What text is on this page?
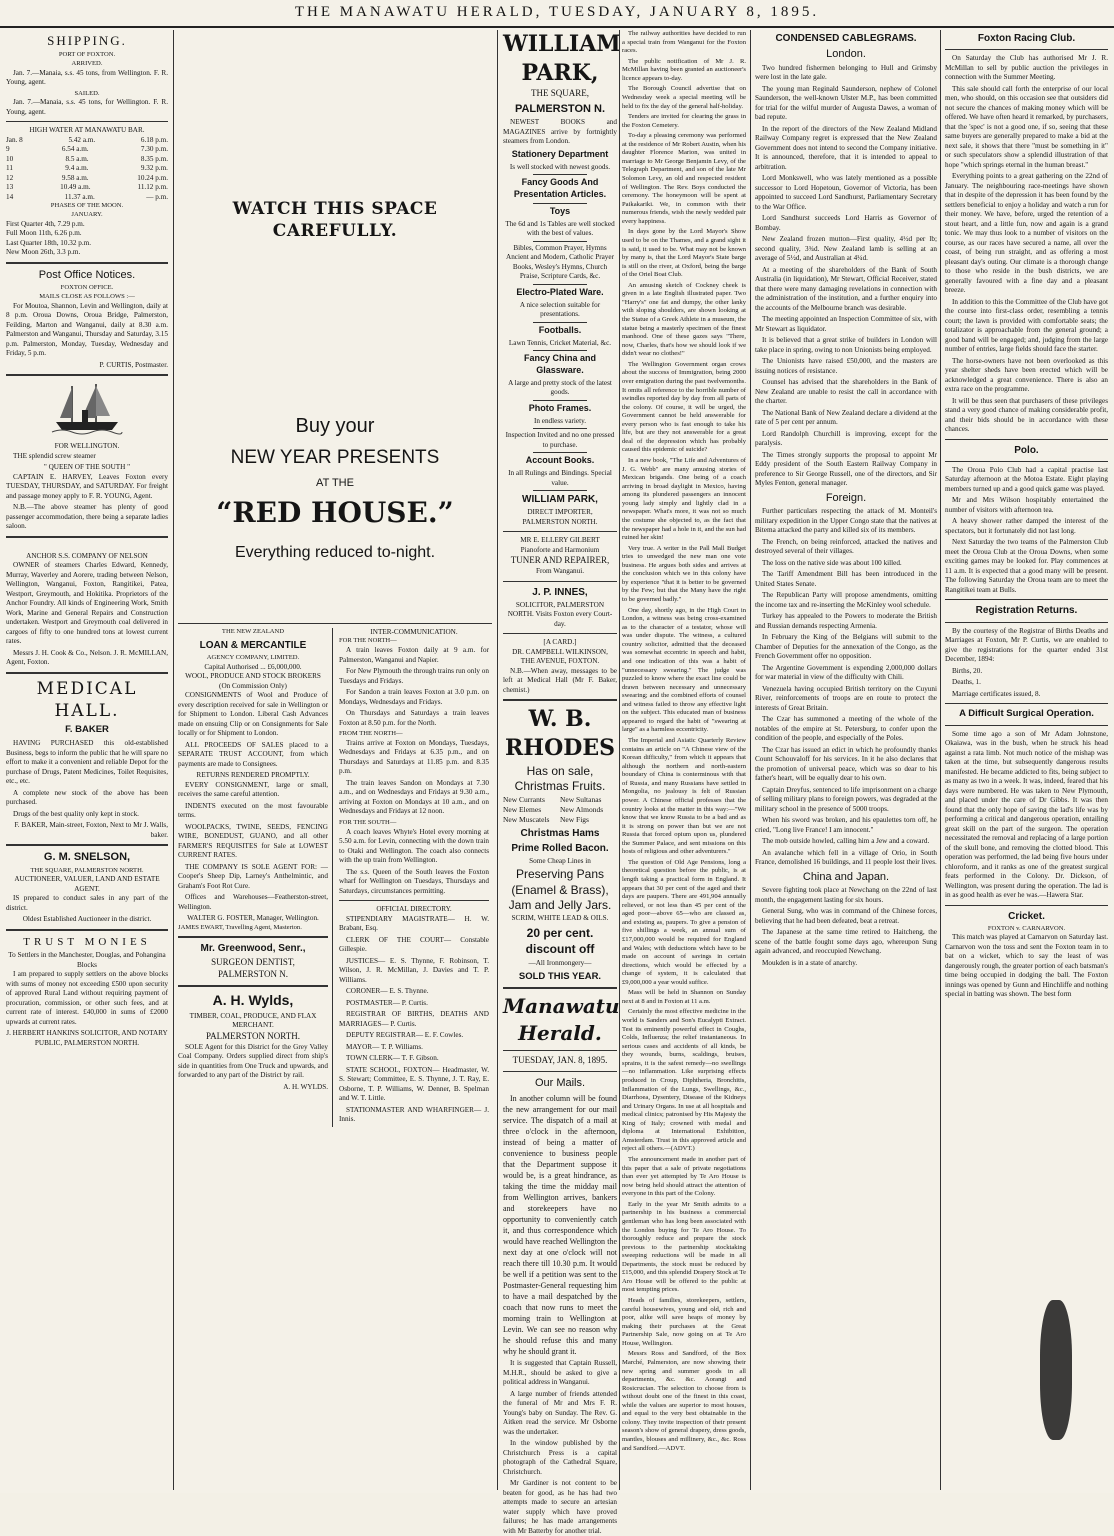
THE MANAWATU HERALD, TUESDAY, JANUARY 8, 1895.
SHIPPING.
PORT OF FOXTON.
ARRIVED.

Jan. 7.—Manaia, s.s. 45 tons, from Wellington. F. R. Young, agent.

SAILED.

Jan. 7.—Manaia, s.s. 45 tons, for Wellington. F. R. Young, agent.

HIGH WATER AT MANAWATU BAR.
Jan. 8	5.42 a.m.	6.18 p.m.
9	6.54 a.m.	7.30 p.m.
10	8.5 a.m.	8.35 p.m.
11	9.4 a.m.	9.32 p.m.
12	9.58 a.m.	10.24 p.m.
13	10.49 a.m.	11.12 p.m.
14	11.37 a.m.	— p.m.
PHASES OF THE MOON.
JANUARY.
First Quarter 4th, 7.29 p.m.
Full Moon 11th, 6.26 p.m.
Last Quarter 18th, 10.32 p.m.
New Moon 26th, 3.3 p.m.
Post Office Notices.
FOXTON OFFICE.
MAILS CLOSE AS FOLLOWS :—

For Moutoa, Shannon, Levin and Wellington, daily at 8 p.m. Oroua Downs, Oroua Bridge, Palmerston, Feilding, Marton and Wanganui, daily at 8.30 a.m. Palmerston and Wanganui, Thursday and Saturday, 3.15 p.m. Palmerston, Monday, Tuesday, Wednesday and Friday, 5 p.m.

P. CURTIS, Postmaster.
FOR WELLINGTON.

THE splendid screw steamer

" QUEEN OF THE SOUTH "

CAPTAIN E. HARVEY, Leaves Foxton every TUESDAY, THURSDAY, and SATURDAY. For freight and passage money apply to F. R. YOUNG, Agent.

N.B.—The above steamer has plenty of good passenger accommodation, there being a separate ladies saloon.

ANCHOR S.S. COMPANY OF NELSON

OWNER of steamers Charles Edward, Kennedy, Murray, Waverley and Aorere, trading between Nelson, Wellington, Wanganui, Foxton, Rangitikei, Patea, Westport, Greymouth, and Hokitika. Proprietors of the Anchor Foundry. All kinds of Engineering Work, Smith Work, Marine and General Repairs and Construction undertaken. Westport and Greymouth coal delivered in cargoes of fifty to one hundred tons at lowest current rates.

Messrs J. H. Cook & Co., Nelson. J. R. McMILLAN, Agent, Foxton.

MEDICAL HALL.
F. BAKER

HAVING PURCHASED this old-established Business, begs to inform the public that he will spare no effort to make it a convenient and reliable Depot for the purchase of Drugs, Patent Medicines, Toilet Requisites, etc., etc.

A complete new stock of the above has been purchased.

Drugs of the best quality only kept in stock.

F. BAKER, Main-street, Foxton, Next to Mr J. Walls, baker.
G. M. SNELSON,
THE SQUARE, PALMERSTON NORTH.
AUCTIONEER, VALUER, LAND AND ESTATE AGENT.

IS prepared to conduct sales in any part of the district.

Oldest Established Auctioneer in the district.
TRUST MONIES
To Settlers in the Manchester, Douglas, and Pohangina Blocks

I am prepared to supply settlers on the above blocks with sums of money not exceeding £500 upon security of approved Rural Land without requiring payment of procuration, commission, or other such fees, and at current rate of interest. £40,000 in sums of £2000 upwards at current rates.

J. HERBERT HANKINS SOLICITOR, AND NOTARY PUBLIC, PALMERSTON NORTH.
WATCH THIS SPACE CAREFULLY.
Buy your
NEW YEAR PRESENTS
AT THE
“RED HOUSE.”
Everything reduced to-night.
THE NEW ZEALAND
LOAN & MERCANTILE
AGENCY COMPANY, LIMITED.
Capital Authorised ... £6,000,000.
WOOL, PRODUCE AND STOCK BROKERS
(On Commission Only)

CONSIGNMENTS of Wool and Produce of every description received for sale in Wellington or for Shipment to London. Liberal Cash Advances made on ensuing Clip or on Consignments for Sale locally or for Shipment to London.

ALL PROCEEDS OF SALES placed to a SEPARATE TRUST ACCOUNT, from which payments are made to Consignees.

RETURNS RENDERED PROMPTLY.

EVERY CONSIGNMENT, large or small, receives the same careful attention.

INDENTS executed on the most favourable terms.

WOOLPACKS, TWINE, SEEDS, FENCING WIRE, BONEDUST, GUANO, and all other FARMER'S REQUISITES for Sale at LOWEST CURRENT RATES.

THE COMPANY IS SOLE AGENT FOR: —Cooper's Sheep Dip, Larney's Anthelmintic, and Graham's Foot Rot Cure.

Offices and Warehouses—Featherston-street, Wellington.

WALTER G. FOSTER, Manager, Wellington.
JAMES EWART, Travelling Agent, Masterton.
Mr. Greenwood, Senr.,
SURGEON DENTIST,
PALMERSTON N.
A. H. Wylds,
TIMBER, COAL, PRODUCE, AND FLAX MERCHANT.
PALMERSTON NORTH.

SOLE Agent for this District for the Grey Valley Coal Company. Orders supplied direct from ship's side in quantities from One Truck and upwards, and forwarded to any part of the District by rail.

A. H. WYLDS.
INTER-COMMUNICATION.
FOR THE NORTH—

A train leaves Foxton daily at 9 a.m. for Palmerston, Wanganui and Napier.

For New Plymouth the through trains run only on Tuesdays and Fridays.

For Sandon a train leaves Foxton at 3.0 p.m. on Mondays, Wednesdays and Fridays.

On Thursdays and Saturdays a train leaves Foxton at 8.50 p.m. for the North.

FROM THE NORTH—

Trains arrive at Foxton on Mondays, Tuesdays, Wednesdays and Fridays at 6.35 p.m., and on Thursdays and Saturdays at 11.85 p.m. and 8.35 p.m.

The train leaves Sandon on Mondays at 7.30 a.m., and on Wednesdays and Fridays at 9.30 a.m., arriving at Foxton on Mondays at 10 a.m., and on Wednesdays and Fridays at 12 noon.

FOR THE SOUTH—

A coach leaves Whyte's Hotel every morning at 5.50 a.m. for Levin, connecting with the down train to Otaki and Wellington. The coach also connects with the up train from Wellington.

The s.s. Queen of the South leaves the Foxton wharf for Wellington on Tuesdays, Thursdays and Saturdays, circumstances permitting.

OFFICIAL DIRECTORY.

STIPENDIARY MAGISTRATE— H. W. Brabant, Esq.

CLERK OF THE COURT— Constable Gillespie.

JUSTICES— E. S. Thynne, F. Robinson, T. Wilson, J. R. McMillan, J. Davies and T. P. Williams.

CORONER— E. S. Thynne.

POSTMASTER— P. Curtis.

REGISTRAR OF BIRTHS, DEATHS AND MARRIAGES— P. Curtis.

DEPUTY REGISTRAR— E. F. Cowles.

MAYOR— T. P. Williams.

TOWN CLERK— T. F. Gibson.

STATE SCHOOL, FOXTON— Headmaster, W. S. Stewart; Committee, E. S. Thynne, J. T. Ray, E. Osborne, T. P. Williams, W. Denner, B. Spelman and W. T. Little.

STATIONMASTER AND WHARFINGER— J. Innis.

WILLIAM PARK,
THE SQUARE,
PALMERSTON N.

NEWEST BOOKS and MAGAZINES arrive by fortnightly steamers from London.

Stationery Department
Is well stocked with newest goods.
Fancy Goods And Presentation Articles.
Toys
The 6d and 1s Tables are well stocked with the best of values.
Bibles, Common Prayer, Hymns Ancient and Modern, Catholic Prayer Books, Wesley's Hymns, Church Praise, Scripture Cards, &c.
Electro-Plated Ware.
A nice selection suitable for presentations.
Footballs.
Lawn Tennis, Cricket Material, &c.
Fancy China and Glassware.
A large and pretty stock of the latest goods.
Photo Frames.
In endless variety.
Inspection Invited and no one pressed to purchase.
Account Books.
In all Rulings and Bindings. Special value.
WILLIAM PARK,
DIRECT IMPORTER, PALMERSTON NORTH.
MR E. ELLERY GILBERT
Pianoforte and Harmonium
TUNER AND REPAIRER,
From Wanganui.
J. P. INNES,
SOLICITOR, PALMERSTON NORTH. Visits Foxton every Court-day.
[A CARD.]
DR. CAMPBELL WILKINSON,
THE AVENUE, FOXTON.

N.B.—When away, messages to be left at Medical Hall (Mr F. Baker, chemist.)

W. B. RHODES
Has on sale, Christmas Fruits.
New Currants	New Sultanas
New Elemes	New Almonds
New Muscatels	New Figs
Christmas Hams
Prime Rolled Bacon.
Some Cheap Lines in
Preserving Pans (Enamel & Brass), Jam and Jelly Jars.
SCRIM, WHITE LEAD & OILS.
20 per cent. discount off
—All Ironmongery—
SOLD THIS YEAR.
Manawatu Herald.
TUESDAY, JAN. 8, 1895.
Our Mails.

In another column will be found the new arrangement for our mail service. The dispatch of a mail at three o'clock in the afternoon, instead of being a matter of convenience to business people that the Department suppose it would be, is a great hindrance, as taking the time the midday mail from Wellington arrives, bankers and storekeepers have no opportunity to conveniently catch it, and thus correspondence which would have reached Wellington the next day at one o'clock will not reach there till 10.30 p.m. It would be well if a petition was sent to the Postmaster-General requesting him to have a mail despatched by the coach that now runs to meet the morning train to Wellington at Levin. We can see no reason why he should refuse this and many why he should grant it.

It is suggested that Captain Russell, M.H.R., should be asked to give a political address in Wanganui.

A large number of friends attended the funeral of Mr and Mrs F. R. Young's baby on Sunday. The Rev. G. Aitken read the service. Mr Osborne was the undertaker.

In the window published by the Christchurch Press is a capital photograph of the Cathedral Square, Christchurch.

Mr Gardiner is not content to be beaten for good, as he has had two attempts made to secure an artesian water supply which have proved failures; he has made arrangements with Mr Batterby for another trial.

CONDENSED CABLEGRAMS.
London.

Two hundred fishermen belonging to Hull and Grimsby were lost in the late gale.

The young man Reginald Saunderson, nephew of Colonel Saunderson, the well-known Ulster M.P., has been committed for trial for the wilful murder of Augusta Dawes, a woman of bad repute.

In the report of the directors of the New Zealand Midland Railway Company regret is expressed that the New Zealand Government does not intend to second the Company initiative. It is announced, therefore, that it is intended to appeal to arbitration.

Lord Monkswell, who was lately mentioned as a possible successor to Lord Hopetoun, Governor of Victoria, has been appointed to succeed Lord Sandhurst, Parliamentary Secretary to the War Office.

Lord Sandhurst succeeds Lord Harris as Governor of Bombay.

New Zealand frozen mutton—First quality, 4½d per lb; second quality, 3¾d. New Zealand lamb is selling at an average of 5½d, and Australian at 4¼d.

At a meeting of the shareholders of the Bank of South Australia (in liquidation), Mr Stewart, Official Receiver, stated that there were many damaging revelations in connection with the administration of the institution, and a further enquiry into the accounts of the Melbourne branch was desirable.

The meeting appointed an Inspection Committee of six, with Mr Stewart as liquidator.

It is believed that a great strike of builders in London will take place in spring, owing to non Unionists being employed.

The Unionists have raised £50,000, and the masters are issuing notices of resistance.

Counsel has advised that the shareholders in the Bank of New Zealand are unable to resist the call in accordance with the charter.

The National Bank of New Zealand declare a dividend at the rate of 5 per cent per annum.

Lord Randolph Churchill is improving, except for the paralysis.

The Times strongly supports the proposal to appoint Mr Eddy president of the South Eastern Railway Company in preference to Sir George Russell, one of the directors, and Sir Myles Fenton, general manager.

Foreign.

Further particulars respecting the attack of M. Monteil's military expedition in the Upper Congo state that the natives at Bitema attacked the party and killed six of its members.

The French, on being reinforced, attacked the natives and destroyed several of their villages.

The loss on the native side was about 100 killed.

The Tariff Amendment Bill has been introduced in the United States Senate.

The Republican Party will propose amendments, omitting the income tax and re-inserting the McKinley wool schedule.

Turkey has appealed to the Powers to moderate the British and Russian demands respecting Armenia.

In February the King of the Belgians will submit to the Chamber of Deputies for the annexation of the Congo, as the French Government offer no opposition.

The Argentine Government is expending 2,000,000 dollars for war material in view of the difficulty with Chili.

Venezuela having occupied British territory on the Cuyuni River, reinforcements of troops are en route to protect the interests of Great Britain.

The Czar has summoned a meeting of the whole of the notables of the empire at St. Petersburg, to confer upon the condition of the people, and especially of the Poles.

The Czar has issued an edict in which he profoundly thanks Count Schouvaloff for his services. In it he also declares that the promotion of universal peace, which was so dear to his father's heart, will be equally dear to his own.

Captain Dreyfus, sentenced to life imprisonment on a charge of selling military plans to foreign powers, was degraded at the military school in the presence of 5000 troops.

When his sword was broken, and his epaulettes torn off, he cried, "Long live France! I am innocent."

The mob outside howled, calling him a Jew and a coward.

An avalanche which fell in a village of Orio, in South France, demolished 16 buildings, and 11 people lost their lives.

China and Japan.

Severe fighting took place at Newchang on the 22nd of last month, the engagement lasting for six hours.

General Sung, who was in command of the Chinese forces, believing that he had been defeated, beat a retreat.

The Japanese at the same time retired to Haitcheng, the scene of the battle fought some days ago, whereupon Sung again advanced, and reoccupied Newchang.

Moukden is in a state of anarchy.

Foxton Racing Club.

On Saturday the Club has authorised Mr J. R. McMillan to sell by public auction the privileges in connection with the Summer Meeting.

This sale should call forth the enterprise of our local men, who should, on this occasion see that outsiders did not secure the chances of making money which will be offered. We have often heard it remarked, by purchasers, that the 'spec' is not a good one, if so, seeing that these same buyers are generally prepared to make a bid at the next sale, it shows that there "must be something in it" or such speculators show a splendid illustration of that hope "which springs eternal in the human breast."

Everything points to a great gathering on the 22nd of January. The neighbouring race-meetings have shown that in despite of the depression it has been found by the settlers beneficial to enjoy a holiday and watch a run for their money. We have, before, urged the retention of a stout heart, and a little fun, now and again is a grand tonic. We may thus look to a number of visitors on the course, as our races have secured a name, all over the coast, of being run straight, and as offering a most pleasant day's outing. Our climate is a thorough change to those who reside in the bush districts, we are generally favoured with a fine day and a pleasant breeze.

In addition to this the Committee of the Club have got the course into first-class order, resembling a tennis court; the lawn is provided with comfortable seats; the totalizator is approachable from the general ground; a good band will be engaged; and, judging from the large number of entries, large fields should face the starter.

The horse-owners have not been overlooked as this year shelter sheds have been erected which will be acknowledged a great convenience. There is also an extra race on the programme.

It will be thus seen that purchasers of these privileges stand a very good chance of making considerable profit, and their bids should be in accordance with these chances.

Polo.

The Oroua Polo Club had a capital practise last Saturday afternoon at the Motoa Estate. Eight playing members turned up and a good quick game was played.

Mr and Mrs Wilson hospitably entertained the number of visitors with afternoon tea.

A heavy shower rather damped the interest of the spectators, but it fortunately did not last long.

Next Saturday the two teams of the Palmerston Club meet the Oroua Club at the Oroua Downs, when some exciting games may be looked for. Play commences at 11 a.m. It is expected that a good many will be present. The following Saturday the Oroua team are to meet the Rangitikei team at Bulls.

Registration Returns.

By the courtesy of the Registrar of Births Deaths and Marriages at Foxton, Mr P. Curtis, we are enabled to give the registrations for the quarter ended 31st December, 1894:

Births, 20.

Deaths, 1.

Marriage certificates issued, 8.

A Difficult Surgical Operation.

Some time ago a son of Mr Adam Johnstone, Okaiawa, was in the bush, when he struck his head against a rata limb. Not much notice of the mishap was taken at the time, but subsequently dangerous results manifested. He became addicted to fits, being subject to as many as two in a week. It was, indeed, feared that his days were numbered. He was taken to New Plymouth, and placed under the care of Dr Gibbs. It was then found that the only hope of saving the lad's life was by performing a critical and dangerous operation, entailing great skill on the part of the surgeon. The operation necessitated the removal and replacing of a large portion of the skull bone, and removing the clotted blood. This operation was performed, the lad being five hours under chloroform, and it ranks as one of the greatest surgical feats performed in the Colony. Dr. Dickson, of Wellington, was present during the operation. The lad is in as good health as ever he was.—Hawera Star.

Cricket.
FOXTON v. CARNARVON.

This match was played at Carnarvon on Saturday last. Carnarvon won the toss and sent the Foxton team in to bat on a wicket, which to say the least of was dangerously rough, the greater portion of each batsman's time being occupied in dodging the ball. The Foxton innings was opened by Gunn and Hinchliffe and nothing special in batting was shown. The best form

The railway authorities have decided to run a special train from Wanganui for the Foxton races.

The public notification of Mr J. R. McMillan having been granted an auctioneer's licence appears to-day.

The Borough Council advertise that on Wednesday week a special meeting will be held to fix the day of the general half-holiday.

Tenders are invited for clearing the grass in the Foxton Cemetery.

To-day a pleasing ceremony was performed at the residence of Mr Robert Austin, when his daughter Florence Marion, was united in marriage to Mr George Benjamin Levy, of the Telegraph Department, and son of the late Mr Solomon Levy, an old and respected resident of Wellington. The Rev. Boys conducted the ceremony. The honeymoon will be spent at Paikakariki. We, in common with their numerous friends, wish the newly wedded pair every happiness.

In days gone by the Lord Mayor's Show used to be on the Thames, and a grand sight it is said, it used to be. What may not be known by many is, that the Lord Mayor's State barge is still on the river, at Oxford, being the barge of the Oriel Boat Club.

An amusing sketch of Cockney cheek is given in a late English illustrated paper. Two "Harry's" one fat and dumpy, the other lanky with sloping shoulders, are shown looking at the Statue of a Greek Athlete in a museum, the statue being a masterly specimen of the finest manhood. One of these gazes says "There, now, Charles, that's how we should look if we didn't wear no clothes!"

The Wellington Government organ crows about the success of Immigration, being 2000 over emigration during the past twelvemonths. It omits all reference to the horrible number of swindles reported day by day from all parts of the colony. Of course, it will be urged, the Government cannot be held answerable for every person who is fast enough to take his life, but are they not answerable for a great deal of the depression which has probably caused this epidemic of suicide?

In a new book, "The Life and Adventures of J. G. Webb" are many amusing stories of Mexican brigands. One being of a coach arriving in broad daylight in Mexico, having among its plundered passengers an innocent young lady simply and lightly clad in a newspaper. What's more, it was not so much the costume she objected to, as the fact that the newspaper had a hole in it, and the sun had ruined her skin!

Very true. A writer in the Pall Mall Budget tries to unwedged the new man one vote business. He argues both sides and arrives at the conclusion which we in this colony have by experience "that it is better to be governed by the Few; but that the Many have the right to be governed badly."

One day, shortly ago, in the High Court in London, a witness was being cross-examined as to the character of a testator, whose will was under dispute. The witness, a cultured country solicitor, admitted that the deceased was somewhat eccentric in speech and habit, and one indication of this was a habit of "unnecessary swearing." The judge was puzzled to know where the exact line could be drawn between necessary and unnecessary swearing; and the combined efforts of counsel and witness failed to throw any effective light on the subject. This educated man of business appeared to regard the habit of "swearing at large" as a harmless eccentricity.

The Imperial and Asiatic Quarterly Review contains an article on "A Chinese view of the Korean difficulty," from which it appears that although the northern and north-eastern boundary of China is conterminous with that of Russia, and many Russians have settled in Mongolia, no jealousy is felt of Russian power. A Chinese official professes that the country looks at the matter in this way:—"We know that we know Russia to be a bad and as it is strong on power than but we are not Russia that forced opium upon us, plundered the Summer Palace, and sent missions on this hosts of religious and other adventurers."

The question of Old Age Pensions, long a theoretical question before the public, is at length taking a practical form in England. It appears that 30 per cent of the aged and their days are paupers. There are 491,904 annually relieved, or not less than 45 per cent of the aged poor—above 65—who are classed as, and existing as, paupers. To give a pension of five shillings a week, an annual sum of £17,000,000 would be required for England and Wales; with deductions which have to be made on account of savings in certain directions, which would be effected by a change of system, it is calculated that £9,000,000 a year would suffice.

Mass will be held in Shannon on Sunday next at 8 and in Foxton at 11 a.m.

Certainly the most effective medicine in the world is Sanders and Son's Eucalypti Extract. Test its eminently powerful effect in Coughs, Colds, Influenza; the relief instantaneous. In serious cases and accidents of all kinds, be they wounds, burns, scaldings, bruises, sprains, it is the safest remedy—no swellings—no inflammation. Like surprising effects produced in Croup, Diphtheria, Bronchitis, Inflammation of the Lungs, Swellings, &c., Diarrhoea, Dysentery, Disease of the Kidneys and Urinary Organs. In use at all hospitals and medical clinics; patronised by His Majesty the King of Italy; crowned with medal and diploma at International Exhibition, Amsterdam. Trust in this approved article and reject all others.—(ADVT.)

The announcement made in another part of this paper that a sale of private negotiations than ever yet attempted by Te Aro House is now being held should attract the attention of everyone in this part of the Colony.

Early in the year Mr Smith admits to a partnership in his business a commercial gentleman who has long been associated with the London buying for Te Aro House. To thoroughly reduce and prepare the stock previous to the partnership stocktaking sweeping reductions will be made in all Departments, the stock must be reduced by £15,000, and this splendid Drapery Stock at Te Aro House will be offered to the public at most tempting prices.

Heads of families, storekeepers, settlers, careful housewives, young and old, rich and poor, alike will save heaps of money by making their purchases at the Great Partnership Sale, now going on at Te Aro House, Wellington.

Messrs Ross and Sandford, of the Box Marché, Palmerston, are now showing their new spring and summer goods in all departments, &c. &c. Aorangi and Rosicrucian. The selection to choose from is without doubt one of the finest in this coast, while the values are superior to most houses, and equal to the very best obtainable in the colony. They invite inspection of their present season's show of general drapery, dress goods, mantles, blouses and millinery, &c., &c. Ross and Sandford.—ADVT.
